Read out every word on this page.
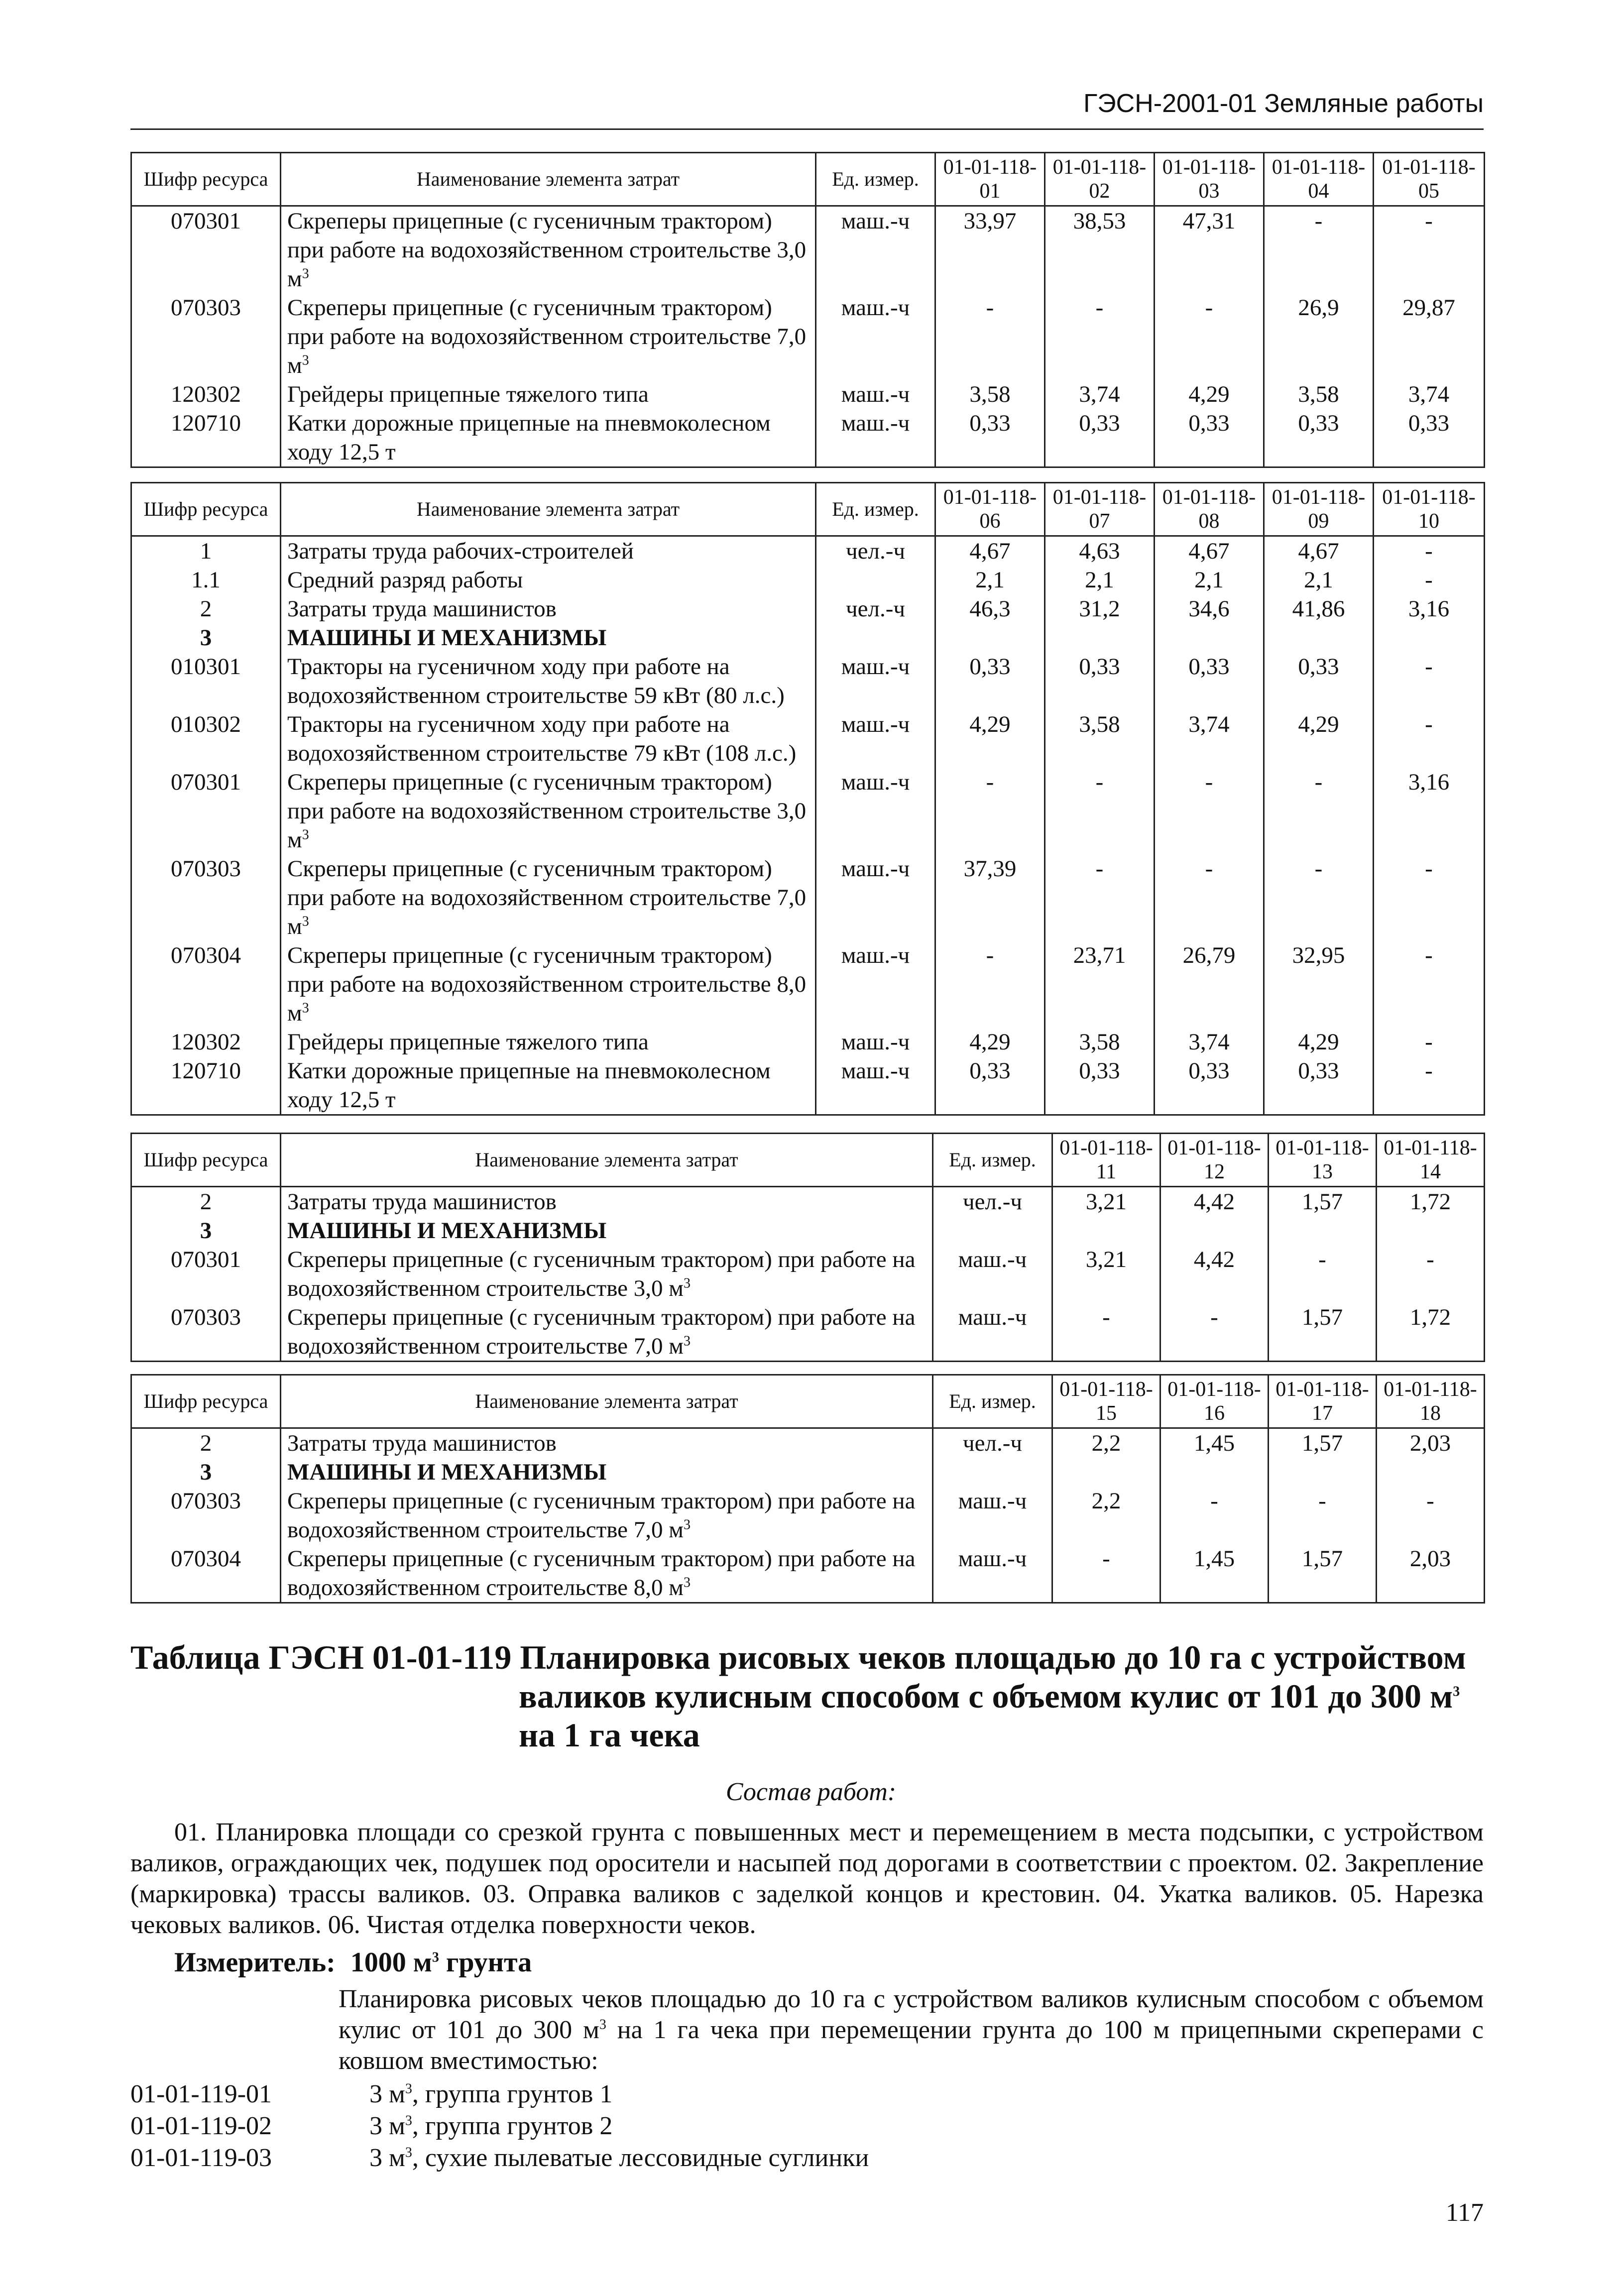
ГЭСН-2001-01 Земляные работы
Шифр ресурса	Наименование элемента затрат	Ед. измер.	01-01-118-01	01-01-118-02	01-01-118-03	01-01-118-04	01-01-118-05
070301	Скреперы прицепные (с гусеничным трактором) при работе на водохозяйственном строительстве 3,0 $м^3$	маш.-ч	33,97	38,53	47,31	-	-
070303	Скреперы прицепные (с гусеничным трактором) при работе на водохозяйственном строительстве 7,0 $м^3$	маш.-ч	-	-	-	26,9	29,87
120302	Грейдеры прицепные тяжелого типа	маш.-ч	3,58	3,74	4,29	3,58	3,74
120710	Катки дорожные прицепные на пневмоколесном ходу 12,5 т	маш.-ч	0,33	0,33	0,33	0,33	0,33
Шифр ресурса	Наименование элемента затрат	Ед. измер.	01-01-118-06	01-01-118-07	01-01-118-08	01-01-118-09	01-01-118-10
1	Затраты труда рабочих-строителей	чел.-ч	4,67	4,63	4,67	4,67	-
1.1	Средний разряд работы		2,1	2,1	2,1	2,1	-
2	Затраты труда машинистов	чел.-ч	46,3	31,2	34,6	41,86	3,16
3	МАШИНЫ И МЕХАНИЗМЫ						
010301	Тракторы на гусеничном ходу при работе на водохозяйственном строительстве 59 кВт (80 л.с.)	маш.-ч	0,33	0,33	0,33	0,33	-
010302	Тракторы на гусеничном ходу при работе на водохозяйственном строительстве 79 кВт (108 л.с.)	маш.-ч	4,29	3,58	3,74	4,29	-
070301	Скреперы прицепные (с гусеничным трактором) при работе на водохозяйственном строительстве 3,0 $м^3$	маш.-ч	-	-	-	-	3,16
070303	Скреперы прицепные (с гусеничным трактором) при работе на водохозяйственном строительстве 7,0 $м^3$	маш.-ч	37,39	-	-	-	-
070304	Скреперы прицепные (с гусеничным трактором) при работе на водохозяйственном строительстве 8,0 $м^3$	маш.-ч	-	23,71	26,79	32,95	-
120302	Грейдеры прицепные тяжелого типа	маш.-ч	4,29	3,58	3,74	4,29	-
120710	Катки дорожные прицепные на пневмоколесном ходу 12,5 т	маш.-ч	0,33	0,33	0,33	0,33	-
Шифр ресурса	Наименование элемента затрат	Ед. измер.	01-01-118-11	01-01-118-12	01-01-118-13	01-01-118-14
2	Затраты труда машинистов	чел.-ч	3,21	4,42	1,57	1,72
3	МАШИНЫ И МЕХАНИЗМЫ					
070301	Скреперы прицепные (с гусеничным трактором) при работе на водохозяйственном строительстве 3,0 $м^3$	маш.-ч	3,21	4,42	-	-
070303	Скреперы прицепные (с гусеничным трактором) при работе на водохозяйственном строительстве 7,0 $м^3$	маш.-ч	-	-	1,57	1,72
Шифр ресурса	Наименование элемента затрат	Ед. измер.	01-01-118-15	01-01-118-16	01-01-118-17	01-01-118-18
2	Затраты труда машинистов	чел.-ч	2,2	1,45	1,57	2,03
3	МАШИНЫ И МЕХАНИЗМЫ					
070303	Скреперы прицепные (с гусеничным трактором) при работе на водохозяйственном строительстве 7,0 $м^3$	маш.-ч	2,2	-	-	-
070304	Скреперы прицепные (с гусеничным трактором) при работе на водохозяйственном строительстве 8,0 $м^3$	маш.-ч	-	1,45	1,57	2,03
Таблица ГЭСН 01-01-119 Планировка рисовых чеков площадью до 10 га с устройством
валиков кулисным способом с объемом кулис от 101 до 300 $м^3$
на 1 га чека
Состав работ:
01. Планировка площади со срезкой грунта с повышенных мест и перемещением в места подсыпки, с устройством валиков, ограждающих чек, подушек под оросители и насыпей под дорогами в соответствии с проектом. 02. Закрепление (маркировка) трассы валиков. 03. Оправка валиков с заделкой концов и крестовин. 04. Укатка валиков. 05. Нарезка чековых валиков. 06. Чистая отделка поверхности чеков.
Измеритель: 1000 $м^3$ грунта
Планировка рисовых чеков площадью до 10 га с устройством валиков кулисным способом с объемом кулис от 101 до 300 $м^3$ на 1 га чека при перемещении грунта до 100 м прицепными скреперами с ковшом вместимостью:
01-01-119-01	3 $м^3$, группа грунтов 1
01-01-119-02	3 $м^3$, группа грунтов 2
01-01-119-03	3 $м^3$, сухие пылеватые лессовидные суглинки
117
